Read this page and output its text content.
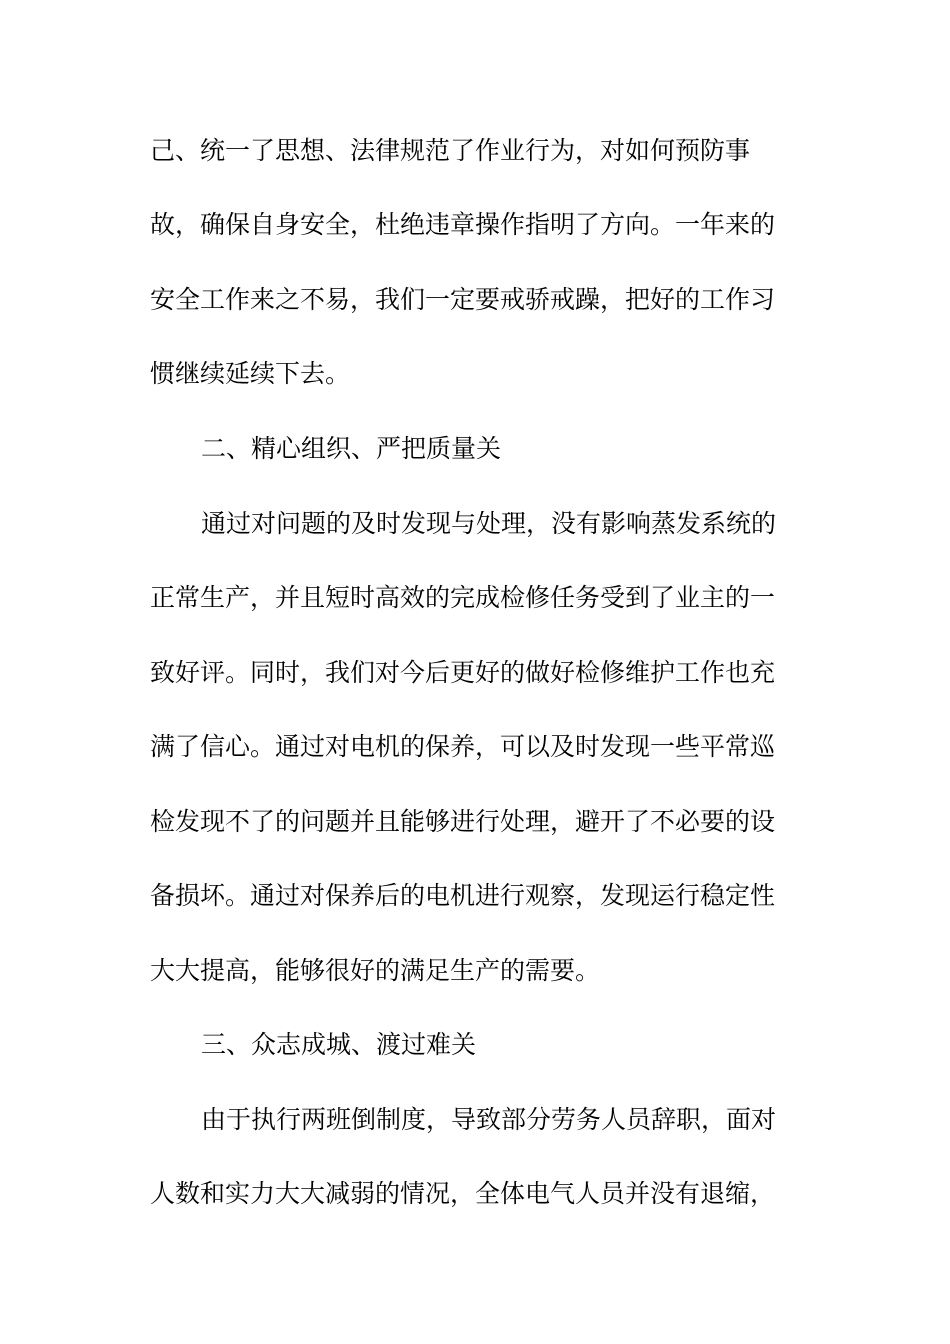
己、统一了思想、法律规范了作业行为，对如何预防事

故，确保自身安全，杜绝违章操作指明了方向。一年来的

安全工作来之不易，我们一定要戒骄戒躁，把好的工作习

惯继续延续下去。

二、精心组织、严把质量关

通过对问题的及时发现与处理，没有影响蒸发系统的

正常生产，并且短时高效的完成检修任务受到了业主的一

致好评。同时，我们对今后更好的做好检修维护工作也充

满了信心。通过对电机的保养，可以及时发现一些平常巡

检发现不了的问题并且能够进行处理，避开了不必要的设

备损坏。通过对保养后的电机进行观察，发现运行稳定性

大大提高，能够很好的满足生产的需要。

三、众志成城、渡过难关

由于执行两班倒制度，导致部分劳务人员辞职，面对

人数和实力大大减弱的情况，全体电气人员并没有退缩，
